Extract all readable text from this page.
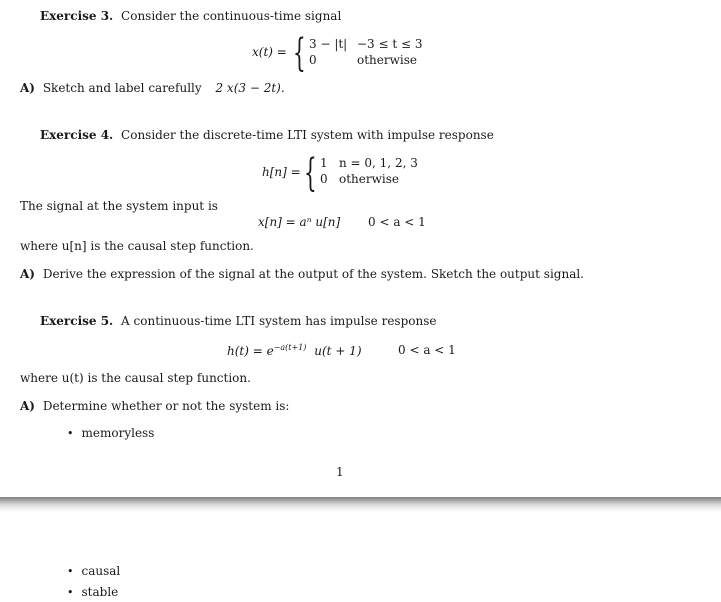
Exercise 3. Consider the continuous-time signal
x(t) = { 3 − |t| −3 ≤ t ≤ 3
0	otherwise
A) Sketch and label carefully 2 x(3 − 2t).
Exercise 4. Consider the discrete-time LTI system with impulse response
h[n] = { 1 n = 0, 1, 2, 3
0 otherwise
The signal at the system input is
x[n] = aⁿ u[n] 0 < a < 1
where u[n] is the causal step function.
A) Derive the expression of the signal at the output of the system. Sketch the output signal.
Exercise 5. A continuous-time LTI system has impulse response
$h(t) = e^{-a(t+1)}$ u(t + 1)	0 < a < 1
where u(t) is the causal step function.
A) Determine whether or not the system is:
• memoryless
1
• causal
• stable
